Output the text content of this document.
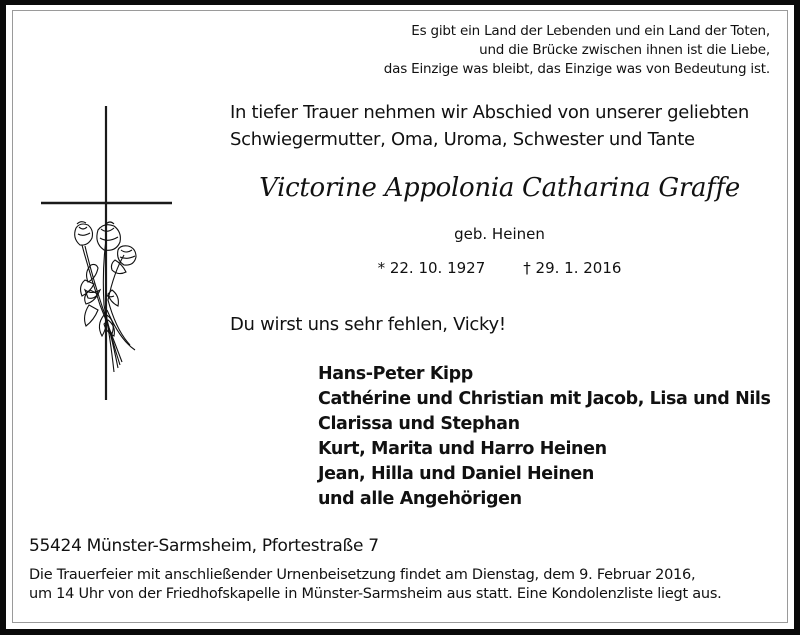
Es gibt ein Land der Lebenden und ein Land der Toten,
und die Brücke zwischen ihnen ist die Liebe,
das Einzige was bleibt, das Einzige was von Bedeutung ist.
In tiefer Trauer nehmen wir Abschied von unserer geliebten
Schwiegermutter, Oma, Uroma, Schwester und Tante
Victorine Appolonia Catharina Graffe
geb. Heinen
* 22. 10. 1927	† 29. 1. 2016
Du wirst uns sehr fehlen, Vicky!
Hans-Peter Kipp
Cathérine und Christian mit Jacob, Lisa und Nils
Clarissa und Stephan
Kurt, Marita und Harro Heinen
Jean, Hilla und Daniel Heinen
und alle Angehörigen
55424 Münster-Sarmsheim, Pfortestraße 7
Die Trauerfeier mit anschließender Urnenbeisetzung findet am Dienstag, dem 9. Februar 2016,
um 14 Uhr von der Friedhofskapelle in Münster-Sarmsheim aus statt. Eine Kondolenzliste liegt aus.
